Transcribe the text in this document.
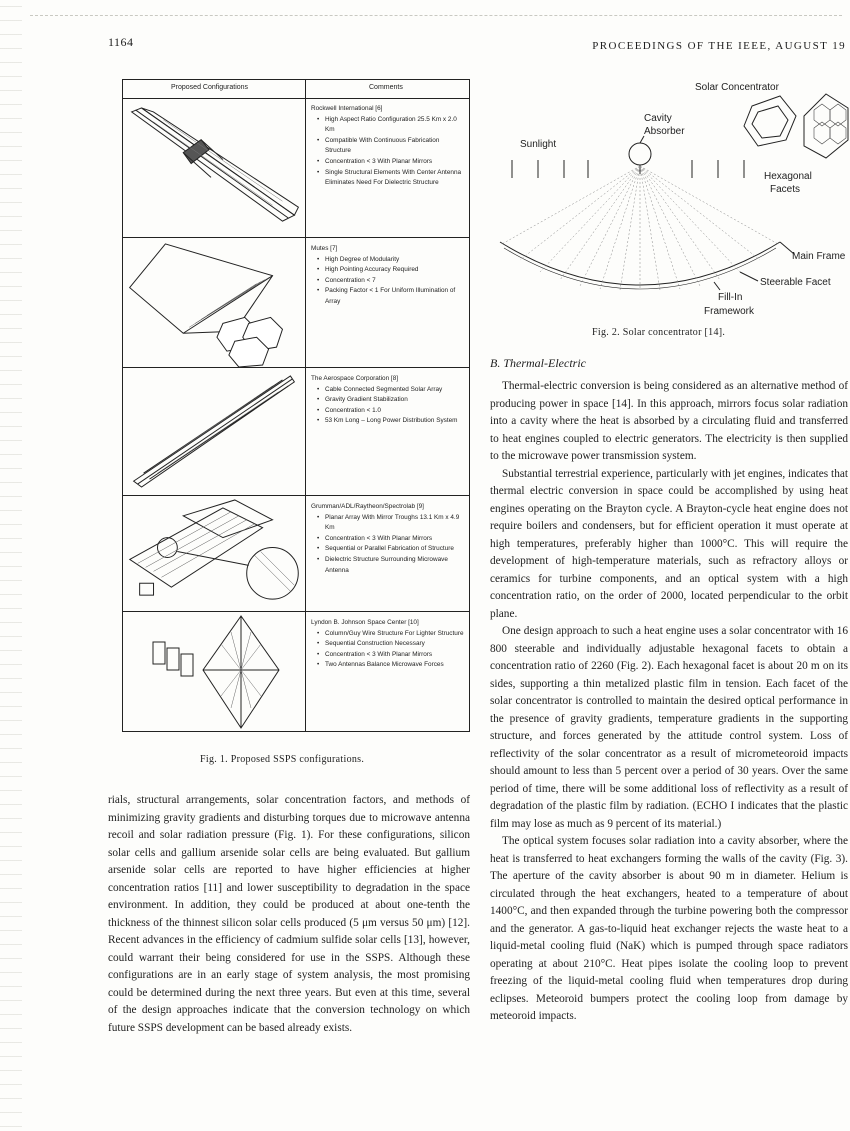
1164	PROCEEDINGS OF THE IEEE, AUGUST 19
Proposed Configurations	Comments
Rockwell International [6]
• High Aspect Ratio Configuration 25.5 Km x 2.0 Km
• Compatible With Continuous Fabrication Structure
• Concentration < 3 With Planar Mirrors
• Single Structural Elements With Center Antenna Eliminates Need For Dielectric Structure
Mutes [7]
• High Degree of Modularity
• High Pointing Accuracy Required
• Concentration < 7
• Packing Factor < 1 For Uniform Illumination of Array
The Aerospace Corporation [8]
• Cable Connected Segmented Solar Array
• Gravity Gradient Stabilization
• Concentration < 1.0
• 53 Km Long – Long Power Distribution System
Grumman/ADL/Raytheon/Spectrolab [9]
• Planar Array With Mirror Troughs 13.1 Km x 4.9 Km
• Concentration < 3 With Planar Mirrors
• Sequential or Parallel Fabrication of Structure
• Dielectric Structure Surrounding Microwave Antenna
Lyndon B. Johnson Space Center [10]
• Column/Guy Wire Structure For Lighter Structure
• Sequential Construction Necessary
• Concentration < 3 With Planar Mirrors
• Two Antennas Balance Microwave Forces
Fig. 1. Proposed SSPS configurations.

rials, structural arrangements, solar concentration factors, and methods of minimizing gravity gradients and disturbing torques due to microwave antenna recoil and solar radiation pressure (Fig. 1). For these configurations, silicon solar cells and gallium arsenide solar cells are being evaluated. But gallium arsenide solar cells are reported to have higher efficiencies at higher concentration ratios [11] and lower susceptibility to degradation in the space environment. In addition, they could be produced at about one-tenth the thickness of the thinnest silicon solar cells produced (5 μm versus 50 μm) [12]. Recent advances in the efficiency of cadmium sulfide solar cells [13], however, could warrant their being considered for use in the SSPS. Although these configurations are in an early stage of system analysis, the most promising could be determined during the next three years. But even at this time, several of the design approaches indicate that the conversion technology on which future SSPS development can be based already exists.

Solar Concentrator
Cavity
Absorber
Sunlight
Hexagonal
Facets
Main Frame
Steerable Facet
Fill-In
Framework
Fig. 2. Solar concentrator [14].
B. Thermal-Electric

Thermal-electric conversion is being considered as an alternative method of producing power in space [14]. In this approach, mirrors focus solar radiation into a cavity where the heat is absorbed by a circulating fluid and transferred to heat engines coupled to electric generators. The electricity is then supplied to the microwave power transmission system.

Substantial terrestrial experience, particularly with jet engines, indicates that thermal electric conversion in space could be accomplished by using heat engines operating on the Brayton cycle. A Brayton-cycle heat engine does not require boilers and condensers, but for efficient operation it must operate at high temperatures, preferably higher than 1000°C. This will require the development of high-temperature materials, such as refractory alloys or ceramics for turbine components, and an optical system with a high concentration ratio, on the order of 2000, located perpendicular to the orbit plane.

One design approach to such a heat engine uses a solar concentrator with 16 800 steerable and individually adjustable hexagonal facets to obtain a concentration ratio of 2260 (Fig. 2). Each hexagonal facet is about 20 m on its sides, supporting a thin metalized plastic film in tension. Each facet of the solar concentrator is controlled to maintain the desired optical performance in the presence of gravity gradients, temperature gradients in the supporting structure, and forces generated by the attitude control system. Loss of reflectivity of the solar concentrator as a result of micrometeoroid impacts should amount to less than 5 percent over a period of 30 years. Over the same period of time, there will be some additional loss of reflectivity as a result of degradation of the plastic film by radiation. (ECHO I indicates that the plastic film may lose as much as 9 percent of its material.)

The optical system focuses solar radiation into a cavity absorber, where the heat is transferred to heat exchangers forming the walls of the cavity (Fig. 3). The aperture of the cavity absorber is about 90 m in diameter. Helium is circulated through the heat exchangers, heated to a temperature of about 1400°C, and then expanded through the turbine powering both the compressor and the generator. A gas-to-liquid heat exchanger rejects the waste heat to a liquid-metal cooling fluid (NaK) which is pumped through space radiators operating at about 210°C. Heat pipes isolate the cooling loop to prevent freezing of the liquid-metal cooling fluid when temperatures drop during eclipses. Meteoroid bumpers protect the cooling loop from damage by meteoroid impacts.
